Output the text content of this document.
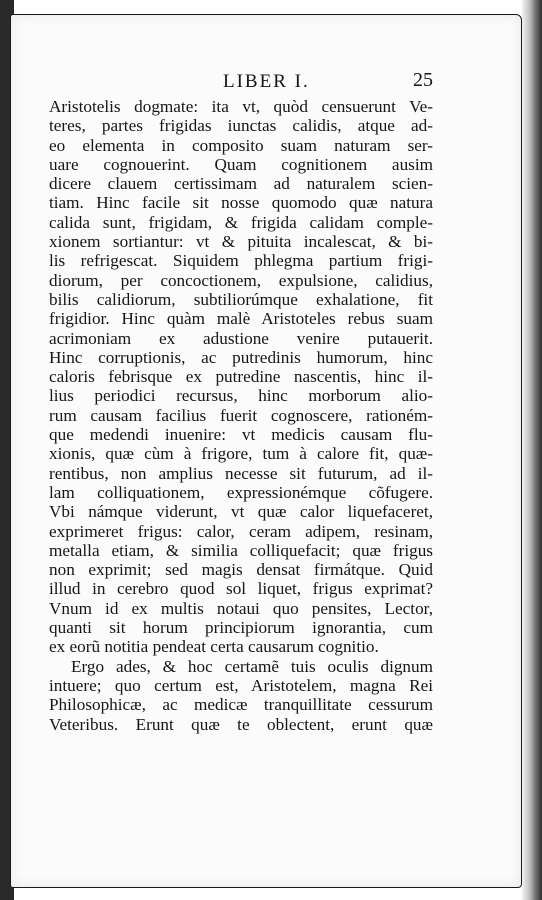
LIBER I.	25
Aristotelis dogmate: ita vt, quòd censuerunt Ve-
teres, partes frigidas iunctas calidis, atque ad-
eo elementa in composito suam naturam ser-
uare cognouerint. Quam cognitionem ausim
dicere clauem certissimam ad naturalem scien-
tiam. Hinc facile sit nosse quomodo quæ natura
calida sunt, frigidam, & frigida calidam comple-
xionem sortiantur: vt & pituita incalescat, & bi-
lis refrigescat. Siquidem phlegma partium frigi-
diorum, per concoctionem, expulsione, calidius,
bilis calidiorum, subtiliorúmque exhalatione, fit
frigidior. Hinc quàm malè Aristoteles rebus suam
acrimoniam ex adustione venire putauerit.
Hinc corruptionis, ac putredinis humorum, hinc
caloris febrisque ex putredine nascentis, hinc il-
lius periodici recursus, hinc morborum alio-
rum causam facilius fuerit cognoscere, rationém-
que medendi inuenire: vt medicis causam flu-
xionis, quæ cùm à frigore, tum à calore fit, quæ-
rentibus, non amplius necesse sit futurum, ad il-
lam colliquationem, expressionémque cõfugere.
Vbi námque viderunt, vt quæ calor liquefaceret,
exprimeret frigus: calor, ceram adipem, resinam,
metalla etiam, & similia colliquefacit; quæ frigus
non exprimit; sed magis densat firmátque. Quid
illud in cerebro quod sol liquet, frigus exprimat?
Vnum id ex multis notaui quo pensites, Lector,
quanti sit horum principiorum ignorantia, cum
ex eorũ notitia pendeat certa causarum cognitio.
Ergo ades, & hoc certamẽ tuis oculis dignum
intuere; quo certum est, Aristotelem, magna Rei
Philosophicæ, ac medicæ tranquillitate cessurum
Veteribus. Erunt quæ te oblectent, erunt quæ
